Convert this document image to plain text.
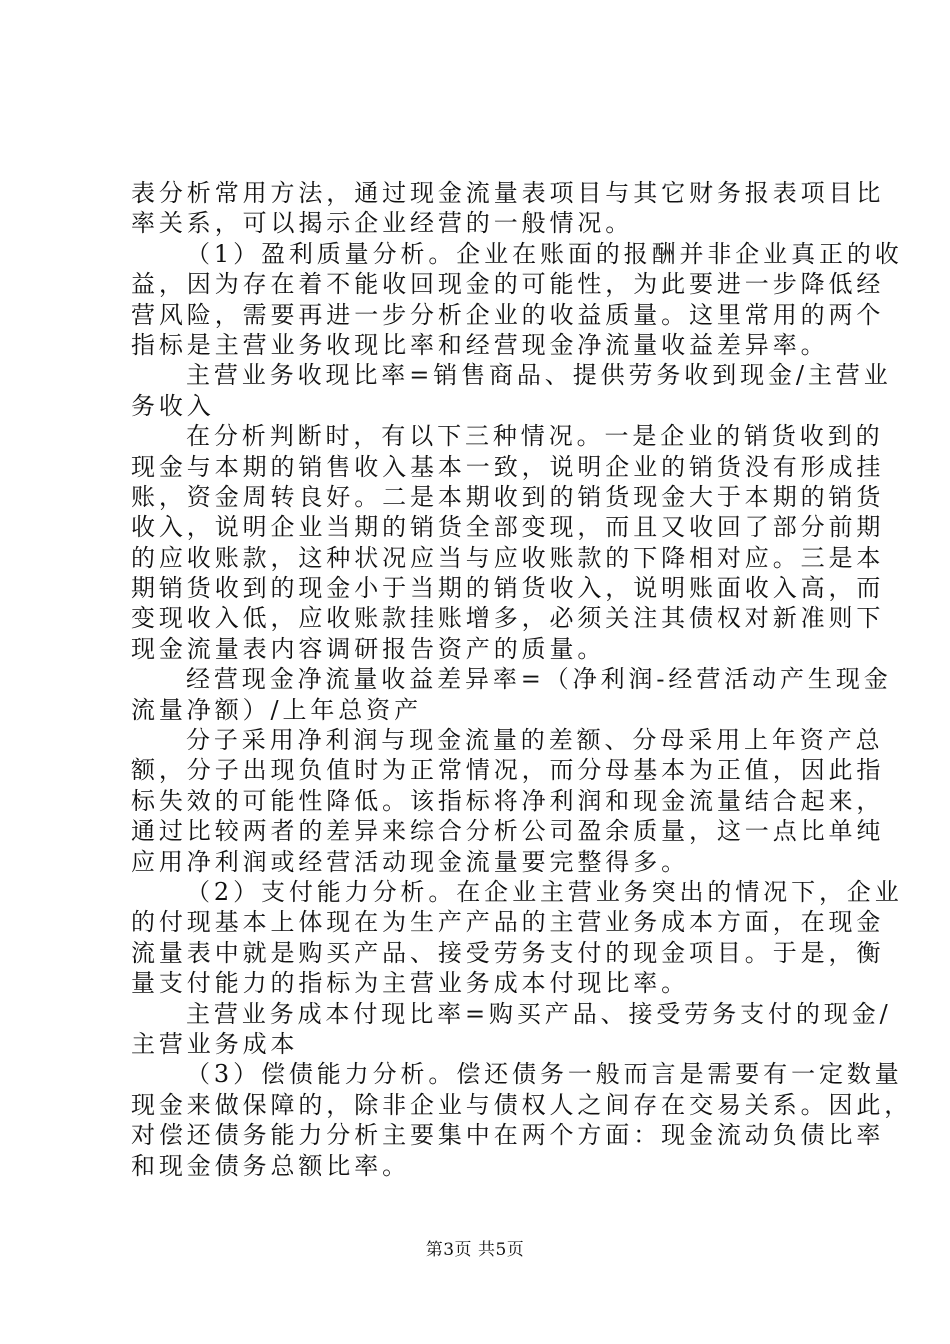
表分析常用方法，通过现金流量表项目与其它财务报表项目比
率关系，可以揭示企业经营的一般情况。
（1）盈利质量分析。企业在账面的报酬并非企业真正的收
益，因为存在着不能收回现金的可能性，为此要进一步降低经
营风险，需要再进一步分析企业的收益质量。这里常用的两个
指标是主营业务收现比率和经营现金净流量收益差异率。
主营业务收现比率=销售商品、提供劳务收到现金/主营业
务收入
在分析判断时，有以下三种情况。一是企业的销货收到的
现金与本期的销售收入基本一致，说明企业的销货没有形成挂
账，资金周转良好。二是本期收到的销货现金大于本期的销货
收入，说明企业当期的销货全部变现，而且又收回了部分前期
的应收账款，这种状况应当与应收账款的下降相对应。三是本
期销货收到的现金小于当期的销货收入，说明账面收入高，而
变现收入低，应收账款挂账增多，必须关注其债权对新准则下
现金流量表内容调研报告资产的质量。
经营现金净流量收益差异率=（净利润-经营活动产生现金
流量净额）/上年总资产
分子采用净利润与现金流量的差额、分母采用上年资产总
额，分子出现负值时为正常情况，而分母基本为正值，因此指
标失效的可能性降低。该指标将净利润和现金流量结合起来，
通过比较两者的差异来综合分析公司盈余质量，这一点比单纯
应用净利润或经营活动现金流量要完整得多。
（2）支付能力分析。在企业主营业务突出的情况下，企业
的付现基本上体现在为生产产品的主营业务成本方面，在现金
流量表中就是购买产品、接受劳务支付的现金项目。于是，衡
量支付能力的指标为主营业务成本付现比率。
主营业务成本付现比率=购买产品、接受劳务支付的现金/
主营业务成本
（3）偿债能力分析。偿还债务一般而言是需要有一定数量
现金来做保障的，除非企业与债权人之间存在交易关系。因此，
对偿还债务能力分析主要集中在两个方面：现金流动负债比率
和现金债务总额比率。
第3页 共5页
